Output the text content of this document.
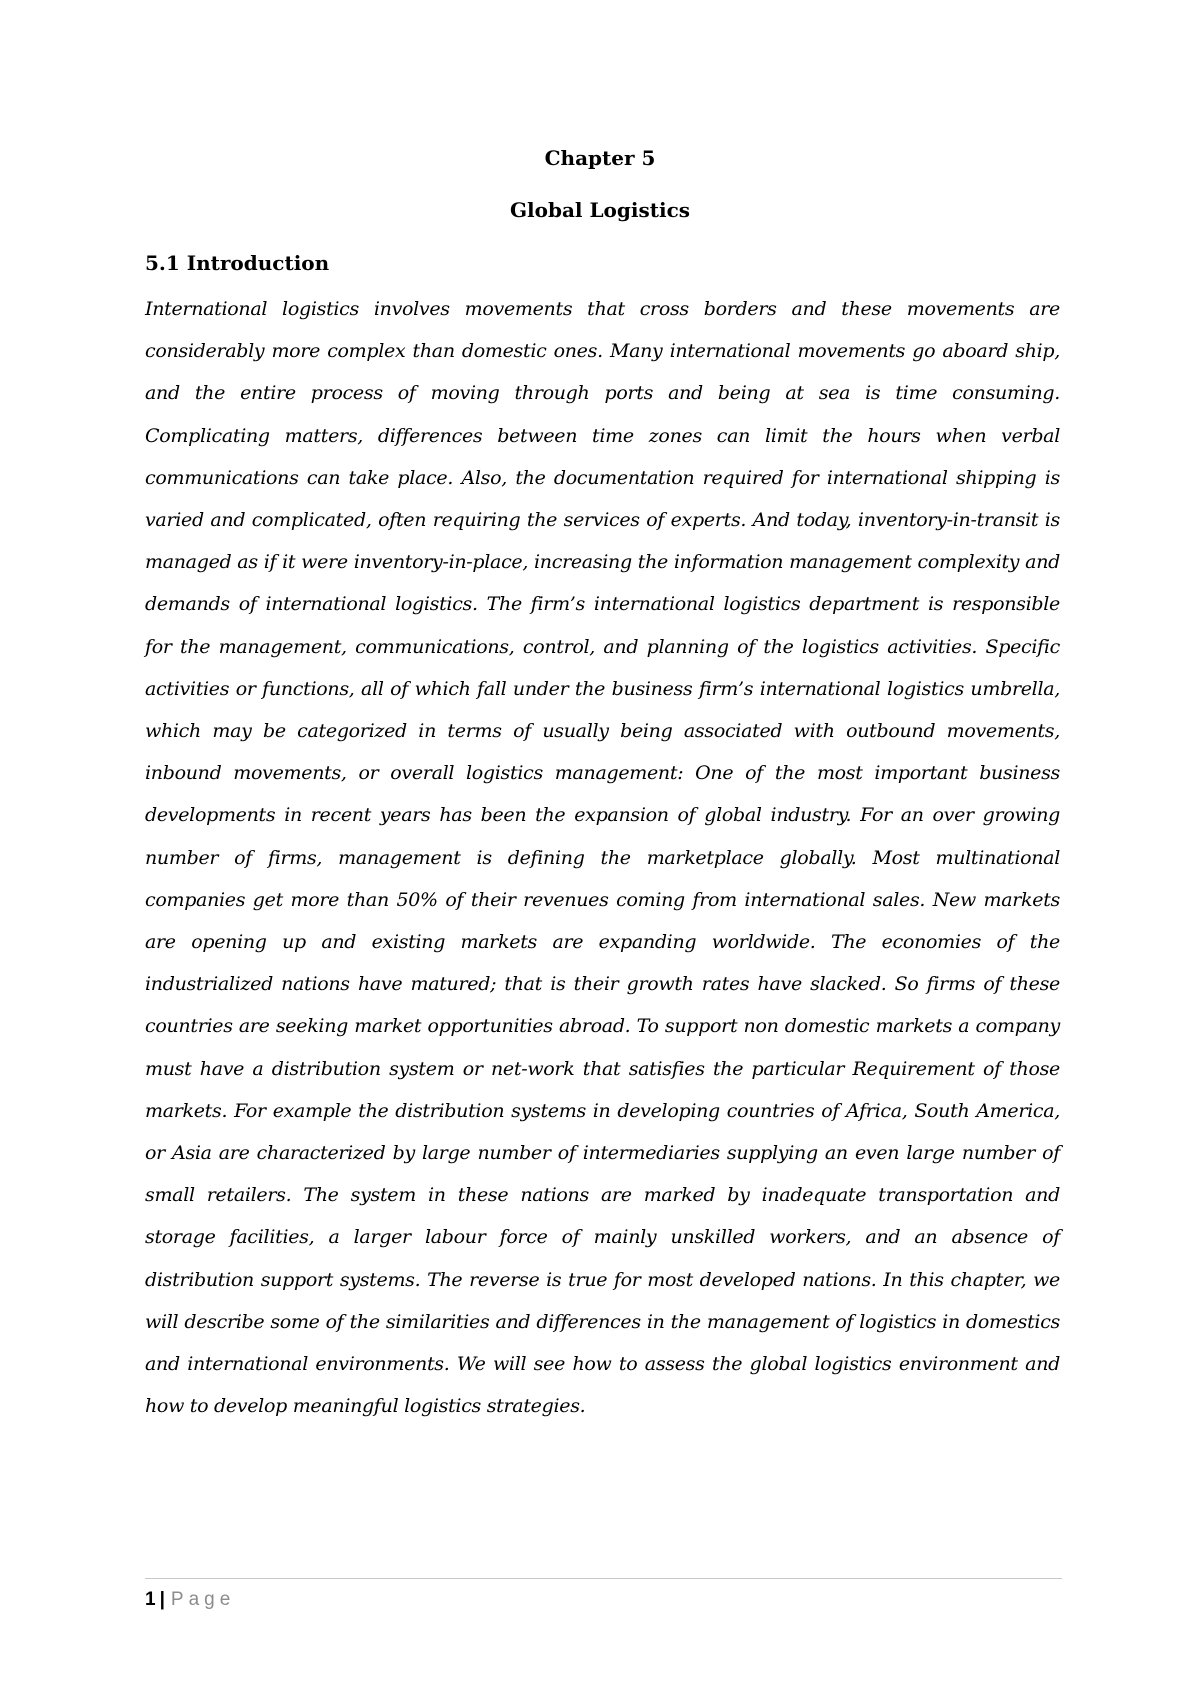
Chapter 5
Global Logistics
5.1 Introduction

International logistics involves movements that cross borders and these movements are considerably more complex than domestic ones. Many international movements go aboard ship, and the entire process of moving through ports and being at sea is time consuming. Complicating matters, differences between time zones can limit the hours when verbal communications can take place. Also, the documentation required for international shipping is varied and complicated, often requiring the services of experts. And today, inventory-in-transit is managed as if it were inventory-in-place, increasing the information management complexity and demands of international logistics. The firm’s international logistics department is responsible for the management, communications, control, and planning of the logistics activities. Specific activities or functions, all of which fall under the business firm’s international logistics umbrella, which may be categorized in terms of usually being associated with outbound movements, inbound movements, or overall logistics management: One of the most important business developments in recent years has been the expansion of global industry. For an over growing number of firms, management is defining the marketplace globally. Most multinational companies get more than 50% of their revenues coming from international sales. New markets are opening up and existing markets are expanding worldwide. The economies of the industrialized nations have matured; that is their growth rates have slacked. So firms of these countries are seeking market opportunities abroad. To support non domestic markets a company must have a distribution system or net-work that satisfies the particular Requirement of those markets. For example the distribution systems in developing countries of Africa, South America, or Asia are characterized by large number of intermediaries supplying an even large number of small retailers. The system in these nations are marked by inadequate transportation and storage facilities, a larger labour force of mainly unskilled workers, and an absence of distribution support systems. The reverse is true for most developed nations. In this chapter, we will describe some of the similarities and differences in the management of logistics in domestics and international environments. We will see how to assess the global logistics environment and how to develop meaningful logistics strategies.

1 | Page
